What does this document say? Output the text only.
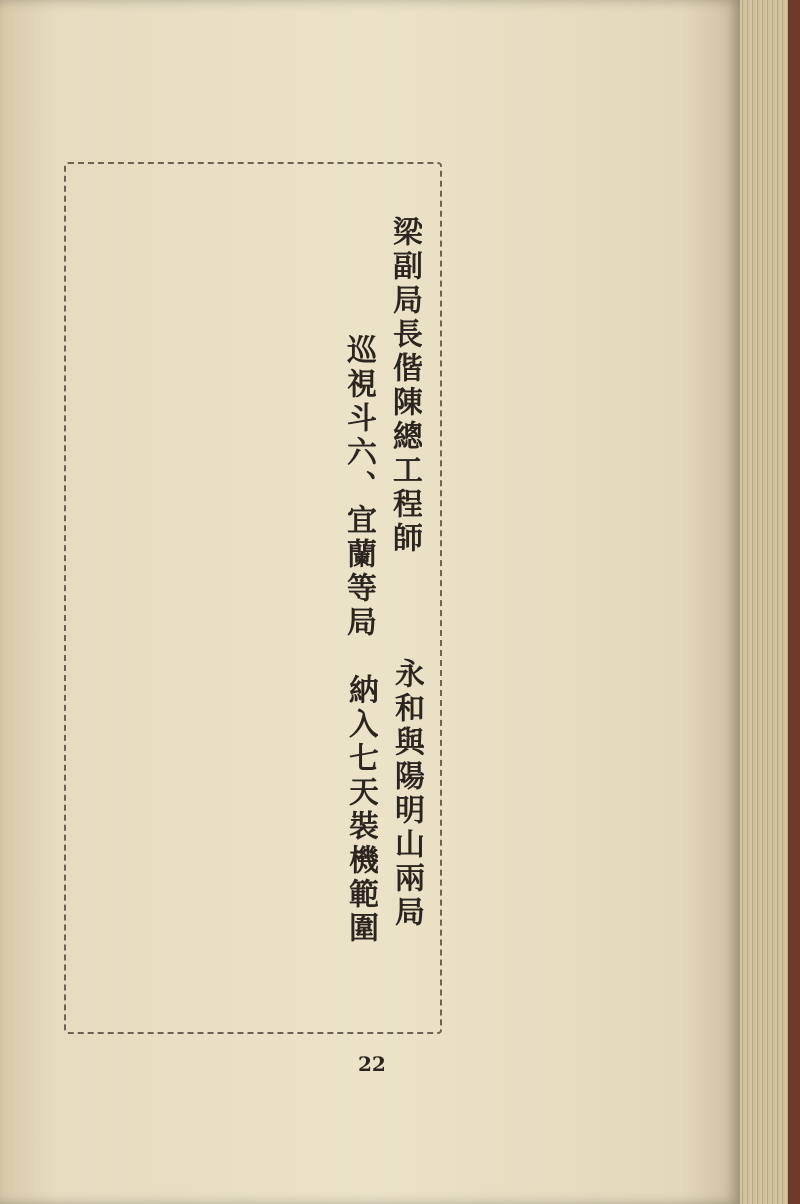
梁副局長偕陳總工程師
巡視斗六、宜蘭等局
永和與陽明山兩局
納入七天裝機範圍
22
